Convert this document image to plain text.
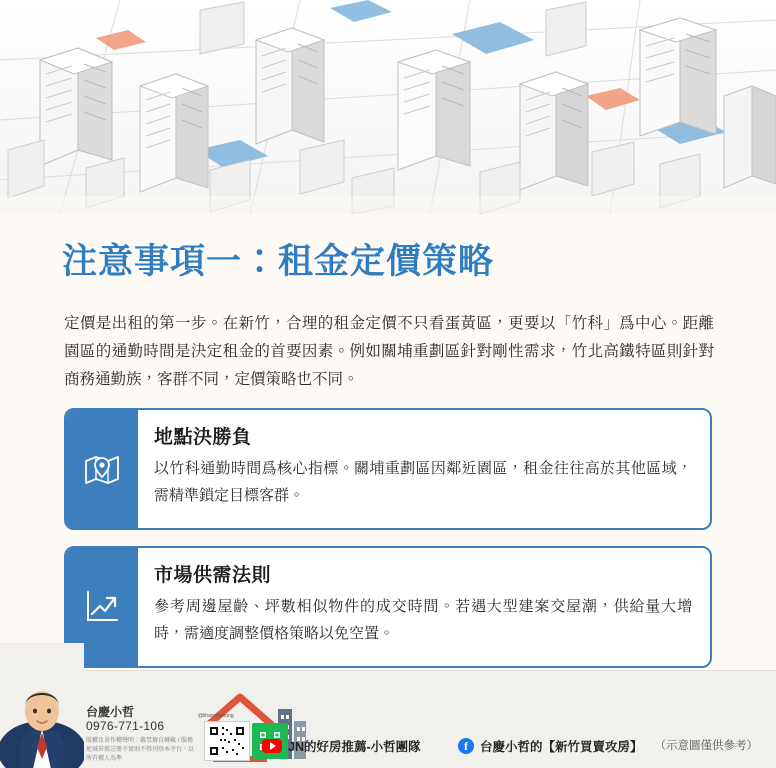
注意事項一：租金定價策略

定價是出租的第一步。在新竹，合理的租金定價不只看蛋黃區，更要以「竹科」爲中心。距離園區的通勤時間是決定租金的首要因素。例如關埔重劃區針對剛性需求，竹北高鐵特區則針對商務通勤族，客群不同，定價策略也不同。

地點決勝負
以竹科通勤時間爲核心指標。關埔重劃區因鄰近園區，租金往往高於其他區域，需精準鎖定目標客群。
市場供需法則
參考周邊屋齡、坪數相似物件的成交時間。若遇大型建案交屋潮，供給量大增時，需適度調整價格策略以免空置。
台慶小哲
0976-771-106
版權及著作權聲明：嚴禁擅自轉載 / 服務地域若需註冊不實則不得刊登本平台，以所有權人為準
@lihaoxinzhong
JN的好房推薦-小哲團隊	f 台慶小哲的【新竹買賣攻房】 （示意圖僅供參考）
